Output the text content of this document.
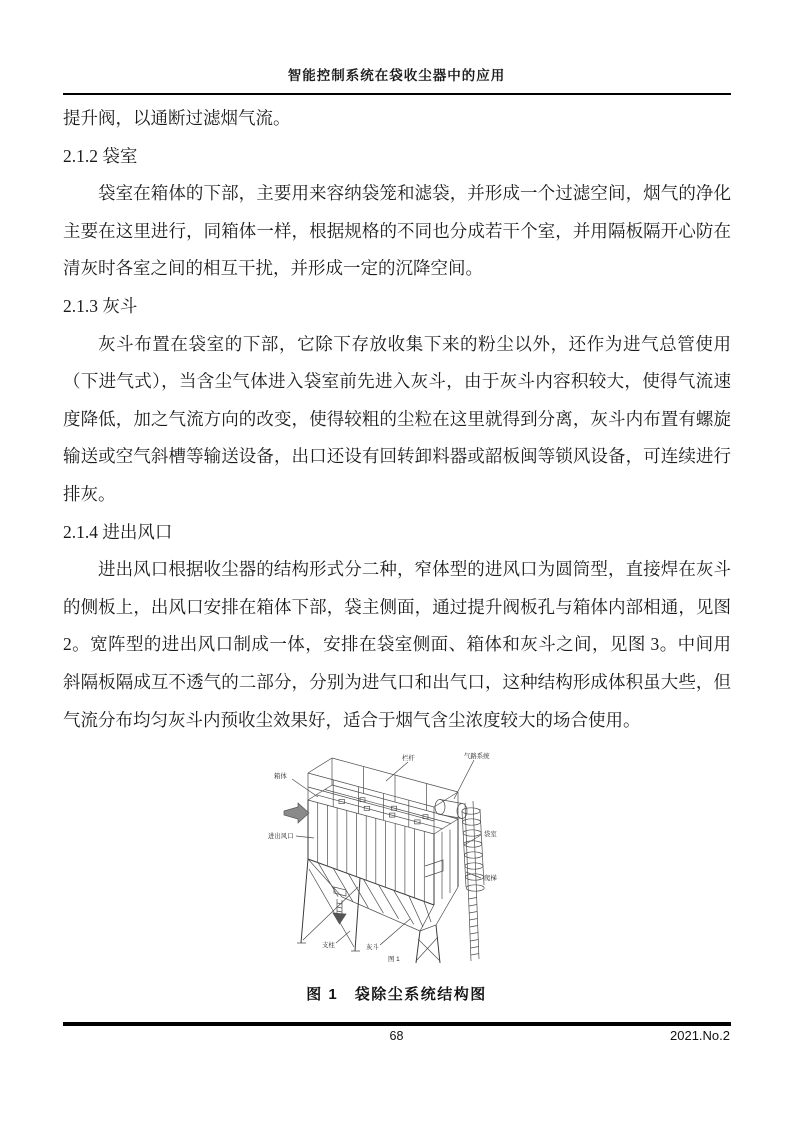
智能控制系统在袋收尘器中的应用

提升阀，以通断过滤烟气流。

2.1.2 袋室

袋室在箱体的下部，主要用来容纳袋笼和滤袋，并形成一个过滤空间，烟气的净化主要在这里进行，同箱体一样，根据规格的不同也分成若干个室，并用隔板隔开心防在清灰时各室之间的相互干扰，并形成一定的沉降空间。

2.1.3 灰斗

灰斗布置在袋室的下部，它除下存放收集下来的粉尘以外，还作为进气总管使用（下进气式），当含尘气体进入袋室前先进入灰斗，由于灰斗内容积较大，使得气流速度降低，加之气流方向的改变，使得较粗的尘粒在这里就得到分离，灰斗内布置有螺旋输送或空气斜槽等输送设备，出口还设有回转卸料器或韶板闽等锁风设备，可连续进行排灰。

2.1.4 进出风口

进出风口根据收尘器的结构形式分二种，窄体型的进风口为圆筒型，直接焊在灰斗的侧板上，出风口安排在箱体下部，袋主侧面，通过提升阀板孔与箱体内部相通，见图 2。宽阵型的进出风口制成一体，安排在袋室侧面、箱体和灰斗之间，见图 3。中间用斜隔板隔成互不透气的二部分，分别为进气口和出气口，这种结构形成体积虽大些，但气流分布均匀灰斗内预收尘效果好，适合于烟气含尘浓度较大的场合使用。

箱体
栏杆	气路系统
进出风口	袋室
爬梯
支柱	灰斗
图 1
图 1　袋除尘系统结构图
68	2021.No.2
